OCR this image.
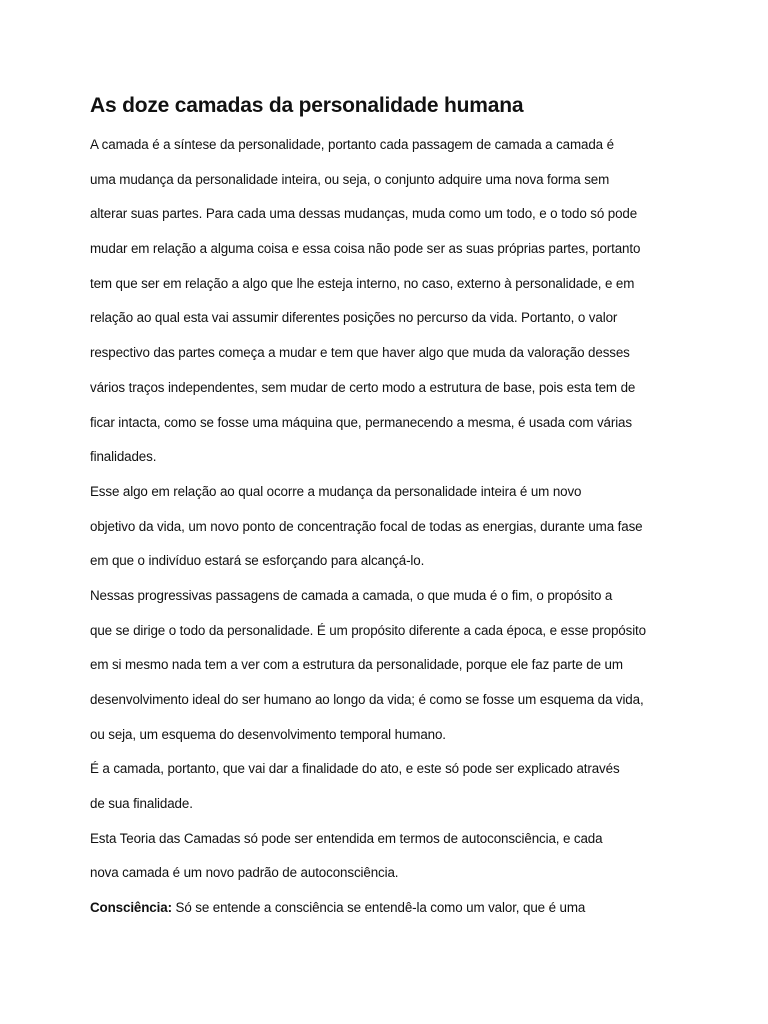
As doze camadas da personalidade humana
A camada é a síntese da personalidade, portanto cada passagem de camada a camada é
uma mudança da personalidade inteira, ou seja, o conjunto adquire uma nova forma sem
alterar suas partes. Para cada uma dessas mudanças, muda como um todo, e o todo só pode
mudar em relação a alguma coisa e essa coisa não pode ser as suas próprias partes, portanto
tem que ser em relação a algo que lhe esteja interno, no caso, externo à personalidade, e em
relação ao qual esta vai assumir diferentes posições no percurso da vida. Portanto, o valor
respectivo das partes começa a mudar e tem que haver algo que muda da valoração desses
vários traços independentes, sem mudar de certo modo a estrutura de base, pois esta tem de
ficar intacta, como se fosse uma máquina que, permanecendo a mesma, é usada com várias
finalidades.
Esse algo em relação ao qual ocorre a mudança da personalidade inteira é um novo
objetivo da vida, um novo ponto de concentração focal de todas as energias, durante uma fase
em que o indivíduo estará se esforçando para alcançá-lo.
Nessas progressivas passagens de camada a camada, o que muda é o fim, o propósito a
que se dirige o todo da personalidade. É um propósito diferente a cada época, e esse propósito
em si mesmo nada tem a ver com a estrutura da personalidade, porque ele faz parte de um
desenvolvimento ideal do ser humano ao longo da vida; é como se fosse um esquema da vida,
ou seja, um esquema do desenvolvimento temporal humano.
É a camada, portanto, que vai dar a finalidade do ato, e este só pode ser explicado através
de sua finalidade.
Esta Teoria das Camadas só pode ser entendida em termos de autoconsciência, e cada
nova camada é um novo padrão de autoconsciência.
Consciência: Só se entende a consciência se entendê-la como um valor, que é uma
